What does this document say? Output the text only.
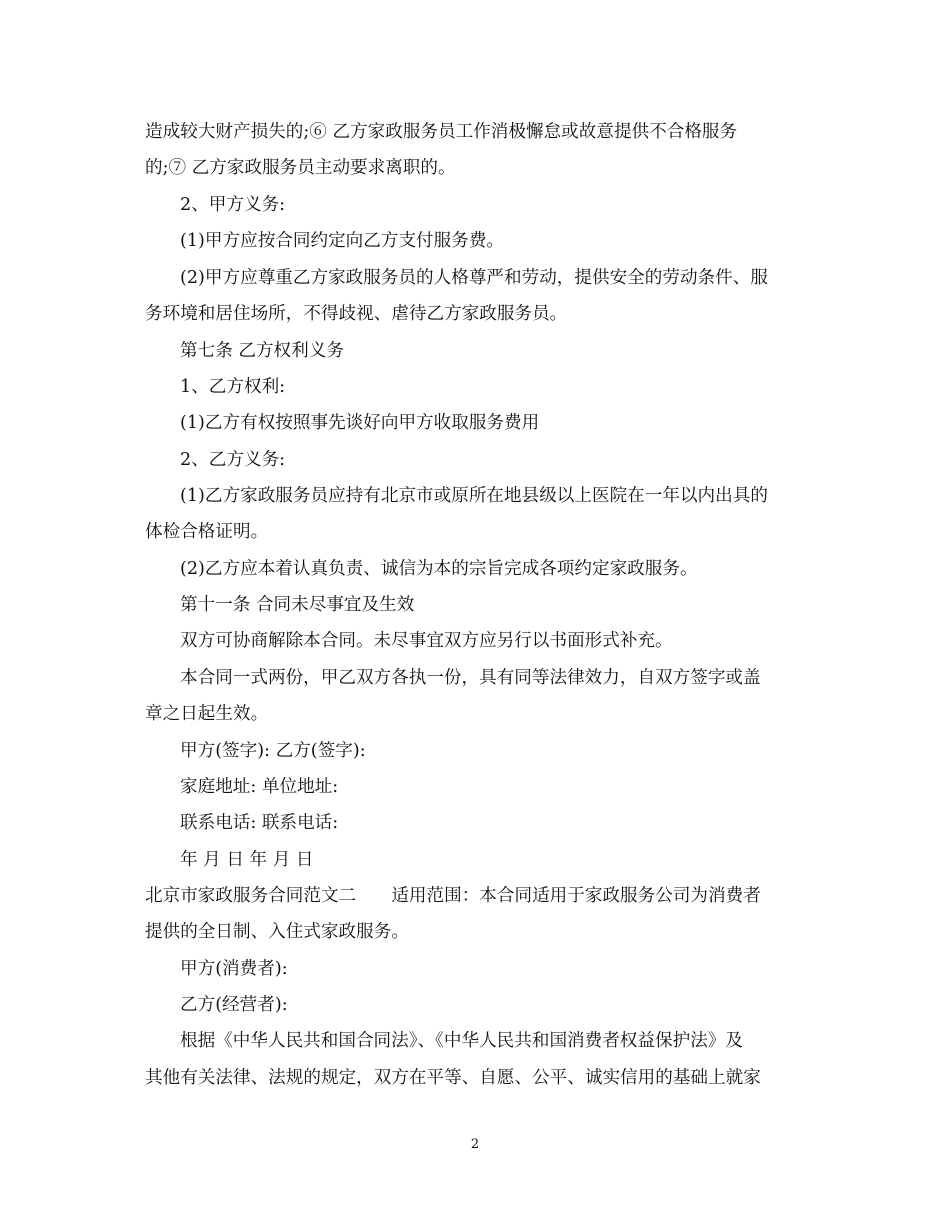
造成较大财产损失的;⑥ 乙方家政服务员工作消极懈怠或故意提供不合格服务
的;⑦ 乙方家政服务员主动要求离职的。
2、甲方义务:
(1)甲方应按合同约定向乙方支付服务费。
(2)甲方应尊重乙方家政服务员的人格尊严和劳动，提供安全的劳动条件、服
务环境和居住场所，不得歧视、虐待乙方家政服务员。
第七条 乙方权利义务
1、乙方权利:
(1)乙方有权按照事先谈好向甲方收取服务费用
2、乙方义务:
(1)乙方家政服务员应持有北京市或原所在地县级以上医院在一年以内出具的
体检合格证明。
(2)乙方应本着认真负责、诚信为本的宗旨完成各项约定家政服务。
第十一条 合同未尽事宜及生效
双方可协商解除本合同。未尽事宜双方应另行以书面形式补充。
本合同一式两份，甲乙双方各执一份，具有同等法律效力，自双方签字或盖
章之日起生效。
甲方(签字): 乙方(签字):
家庭地址: 单位地址:
联系电话: 联系电话:
年 月 日 年 月 日
北京市家政服务合同范文二　　适用范围：本合同适用于家政服务公司为消费者
提供的全日制、入住式家政服务。
甲方(消费者):
乙方(经营者):
根据《中华人民共和国合同法》、《中华人民共和国消费者权益保护法》及
其他有关法律、法规的规定，双方在平等、自愿、公平、诚实信用的基础上就家
2
